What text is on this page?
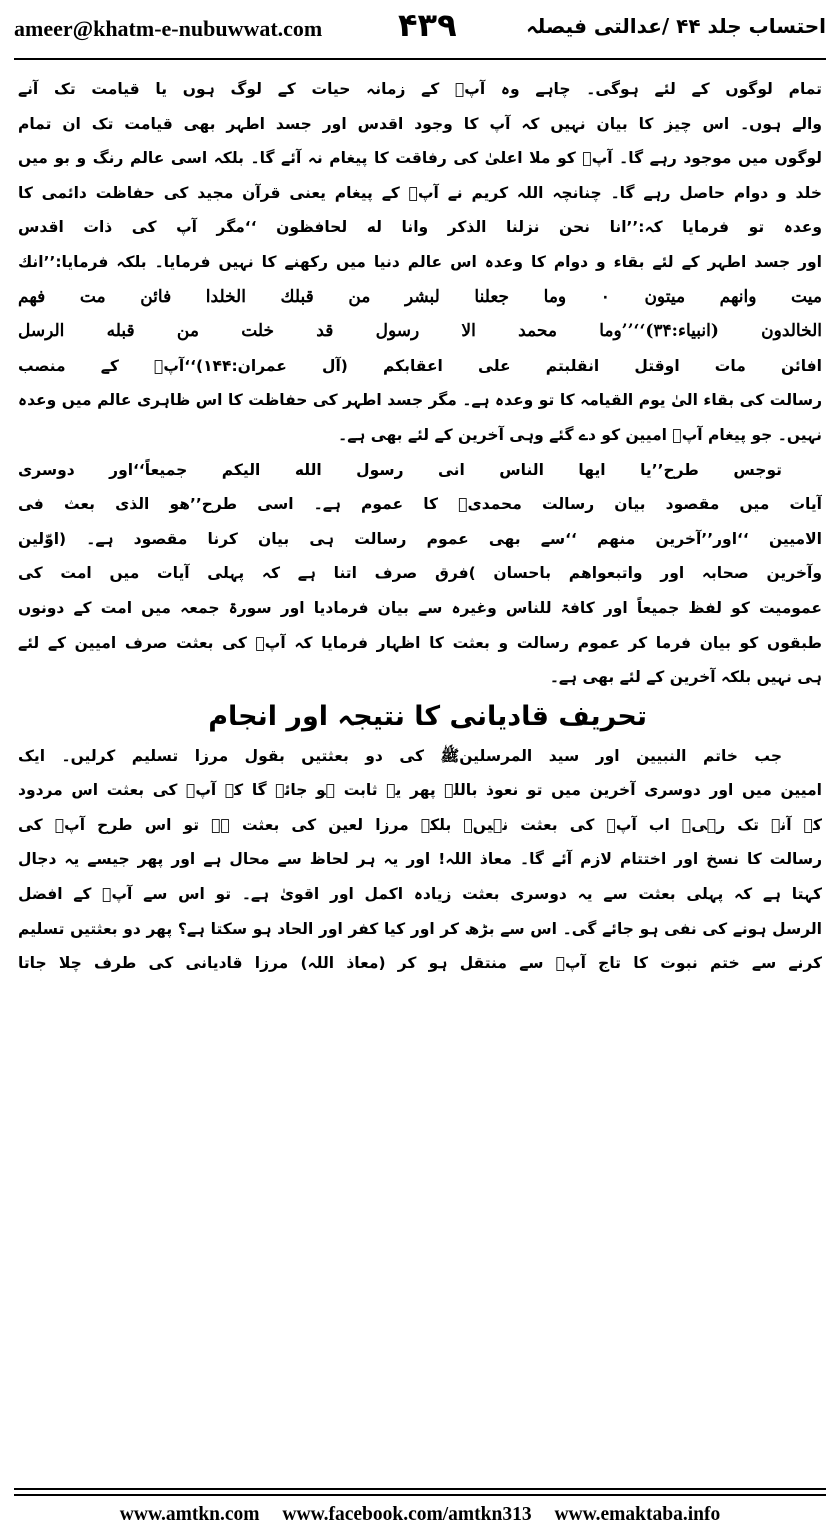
ameer@khatm-e-nubuwwat.com ۴۳۹	احتساب جلد ۴۴ /عدالتی فیصلہ
تمام لوگوں کے لئے ہوگی۔ چاہے وہ آپؐ کے زمانہ حیات کے لوگ ہوں یا قیامت تک آنے
والے ہوں۔ اس چیز کا بیان نہیں کہ آپ کا وجود اقدس اور جسد اطہر بھی قیامت تک ان تمام
لوگوں میں موجود رہے گا۔ آپؐ کو ملا اعلیٰ کی رفاقت کا پیغام نہ آئے گا۔ بلکہ اسی عالم رنگ و بو میں
خلد و دوام حاصل رہے گا۔ چنانچہ اللہ کریم نے آپؐ کے پیغام یعنی قرآن مجید کی حفاظت دائمی کا
وعدہ تو فرمایا کہ:’’انا نحن نزلنا الذکر وانا له لحافظون ‘‘مگر آپ کی ذات اقدس
اور جسد اطہر کے لئے بقاء و دوام کا وعدہ اس عالم دنیا میں رکھنے کا نہیں فرمایا۔ بلکہ فرمایا:’’انك
میت وانهم میتون ۰ وما جعلنا لبشر من قبلك الخلدا فائن مت فهم
الخالدون (انبیاء:۳۴)‘‘’’وما محمد الا رسول قد خلت من قبله الرسل
افائن مات اوقتل انقلبتم علی اعقابكم (آل عمران:۱۴۴)‘‘آپؐ کے منصب
رسالت کی بقاء الیٰ یوم القیامہ کا تو وعدہ ہے۔ مگر جسد اطہر کی حفاظت کا اس ظاہری عالم میں وعدہ
نہیں۔ جو پیغام آپؐ امیین کو دے گئے وہی آخرین کے لئے بھی ہے۔
توجس طرح’’یا ایها الناس انی رسول الله الیكم جمیعاً‘‘اور دوسری
آیات میں مقصود بیان رسالت محمدیؐ کا عموم ہے۔ اسی طرح’’هو الذی بعث فی
الامیین ‘‘اور’’آخرین منهم ‘‘سے بھی عموم رسالت ہی بیان کرنا مقصود ہے۔ (اوّلین
وآخرین صحابہ اور واتبعواهم باحسان )فرق صرف اتنا ہے کہ پہلی آیات میں امت کی
عمومیت کو لفظ جمیعاً اور کافۃ للناس وغیرہ سے بیان فرمادیا اور سورۃ جمعہ میں امت کے دونوں
طبقوں کو بیان فرما کر عموم رسالت و بعثت کا اظہار فرمایا کہ آپؐ کی بعثت صرف امیین کے لئے
ہی نہیں بلکہ آخرین کے لئے بھی ہے۔
تحریف قادیانی کا نتیجہ اور انجام
جب خاتم النبیین اور سید المرسلینﷺ کی دو بعثتیں بقول مرزا تسلیم کرلیں۔ ایک
امیین میں اور دوسری آخرین میں تو نعوذ باللہ پھر یہ ثابت ہو جائے گا کہ آپؐ کی بعثت اس مردود
کے آنے تک رہی۔ اب آپؐ کی بعثت نہیں۔ بلکہ مرزا لعین کی بعثت ہے تو اس طرح آپؐ کی
رسالت کا نسخ اور اختتام لازم آئے گا۔ معاذ اللہ! اور یہ ہر لحاظ سے محال ہے اور پھر جیسے یہ دجال
کہتا ہے کہ پہلی بعثت سے یہ دوسری بعثت زیادہ اکمل اور اقویٰ ہے۔ تو اس سے آپؐ کے افضل
الرسل ہونے کی نفی ہو جائے گی۔ اس سے بڑھ کر اور کیا کفر اور الحاد ہو سکتا ہے؟ پھر دو بعثتیں تسلیم
کرنے سے ختم نبوت کا تاج آپؐ سے منتقل ہو کر (معاذ اللہ) مرزا قادیانی کی طرف چلا جاتا
www.amtkn.com www.facebook.com/amtkn313 www.emaktaba.info
